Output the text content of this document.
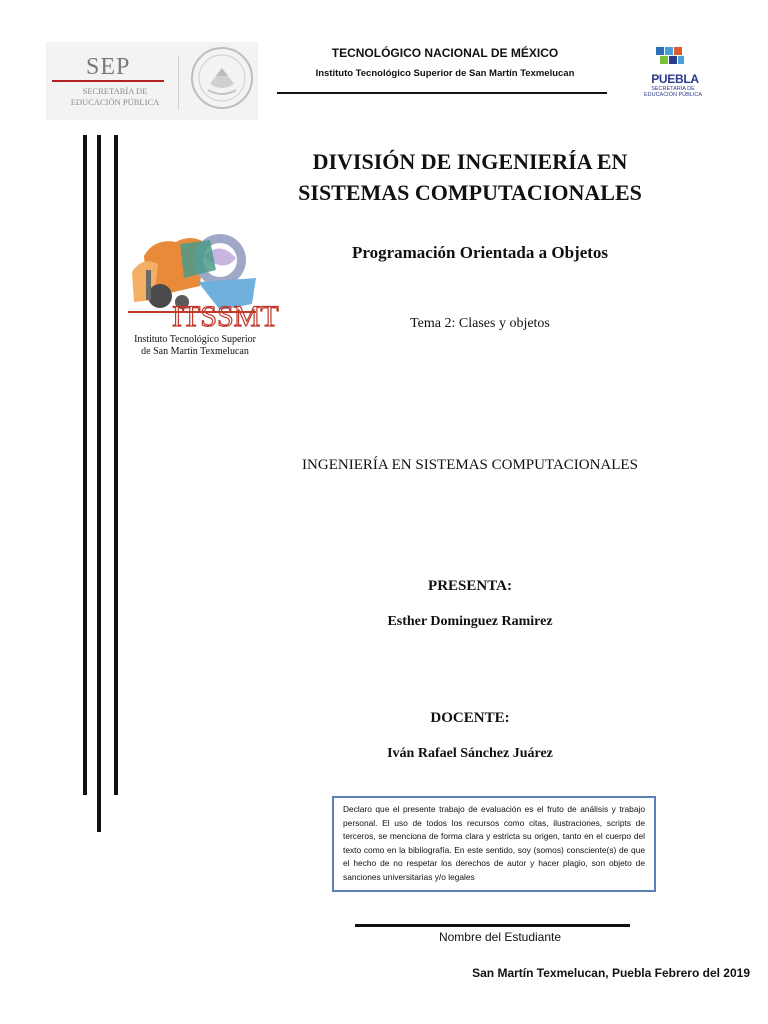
SEP
SECRETARÍA DE EDUCACIÓN PÚBLICA
TECNOLÓGICO NACIONAL DE MÉXICO
Instituto Tecnológico Superior de San Martín Texmelucan	PUEBLA
SECRETARÍA DE EDUCACIÓN PÚBLICA
DIVISIÓN DE INGENIERÍA EN
SISTEMAS COMPUTACIONALES
ITSSMT
Instituto Tecnológico Superior
de San Martín Texmelucan
Programación Orientada a Objetos
Tema 2: Clases y objetos
INGENIERÍA EN SISTEMAS COMPUTACIONALES
PRESENTA:
Esther Dominguez Ramirez
DOCENTE:
Iván Rafael Sánchez Juárez
Declaro que el presente trabajo de evaluación es el fruto de análisis y trabajo personal. El uso de todos los recursos como citas, ilustraciones, scripts de terceros, se menciona de forma clara y estricta su origen, tanto en el cuerpo del texto como en la bibliografía. En este sentido, soy (somos) consciente(s) de que el hecho de no respetar los derechos de autor y hacer plagio, son objeto de sanciones universitarias y/o legales
Nombre del Estudiante
San Martín Texmelucan, Puebla Febrero del 2019
